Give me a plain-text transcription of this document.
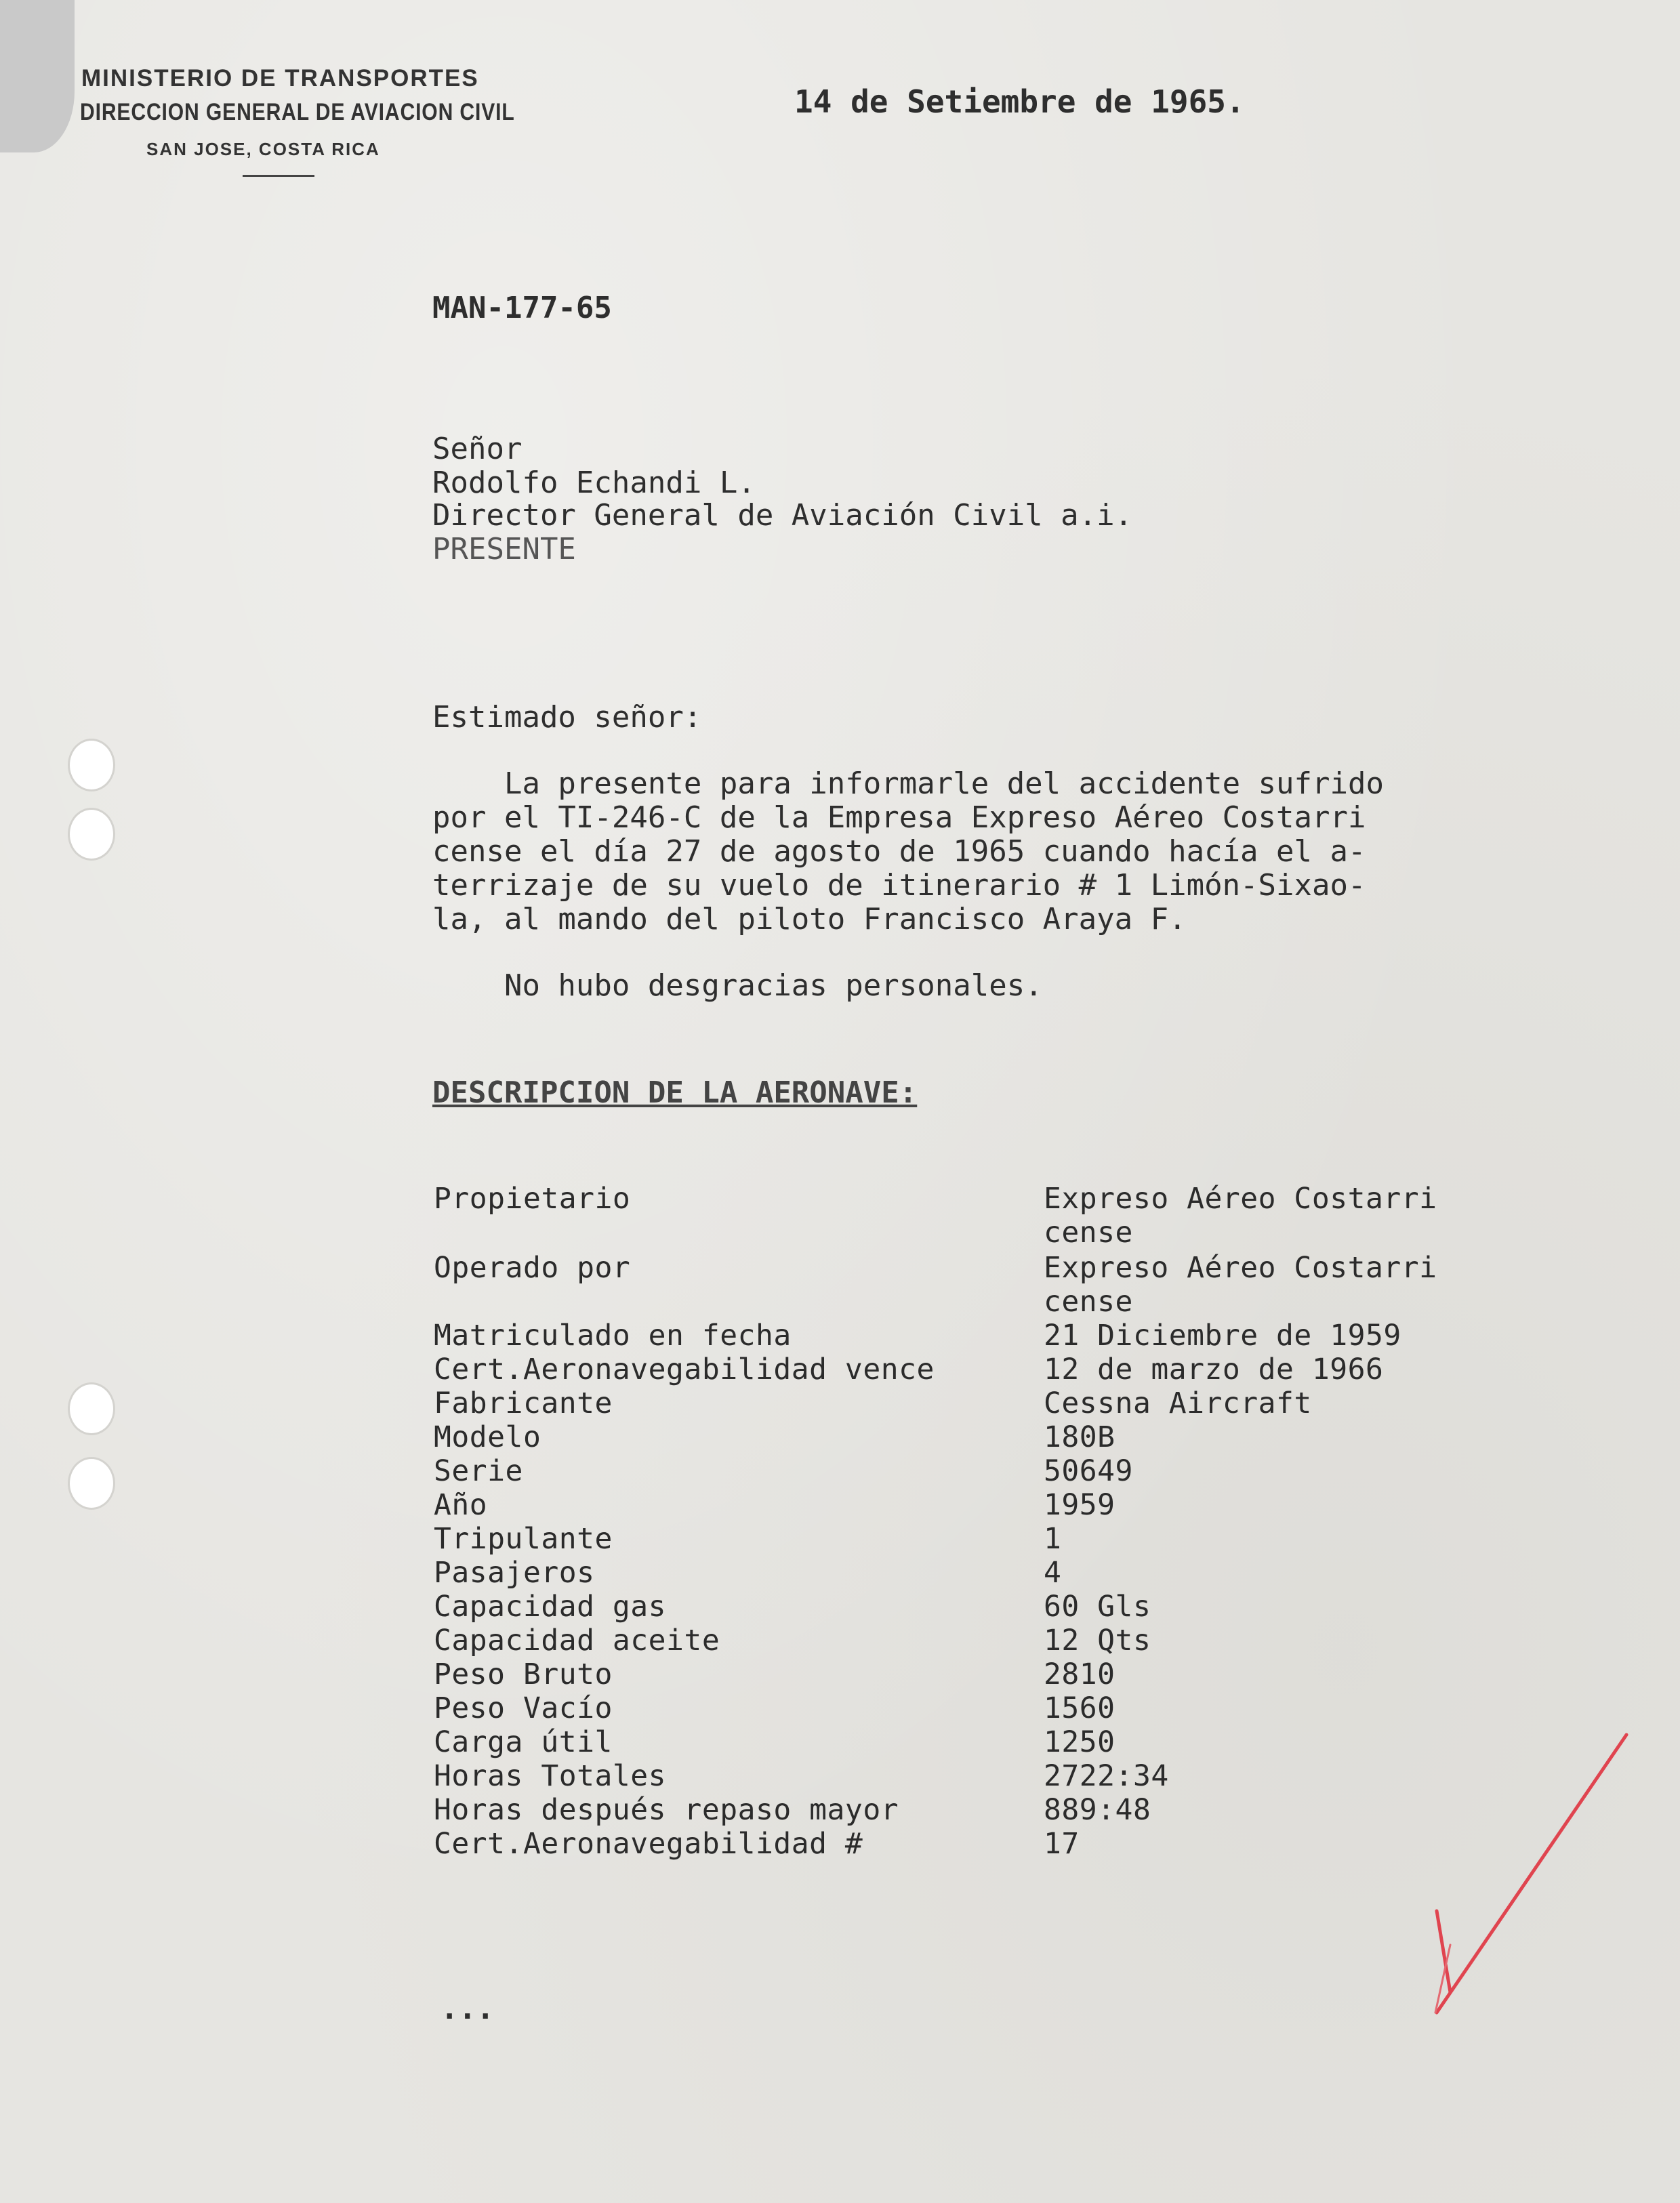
MINISTERIO DE TRANSPORTES
DIRECCION GENERAL DE AVIACION CIVIL
SAN JOSE, COSTA RICA
14 de Setiembre de 1965.
MAN-177-65
Señor
Rodolfo Echandi L.
Director General de Aviación Civil a.i.
PRESENTE
Estimado señor:
La presente para informarle del accidente sufrido
por el TI-246-C de la Empresa Expreso Aéreo Costarri
cense el día 27 de agosto de 1965 cuando hacía el a-
terrizaje de su vuelo de itinerario # 1 Limón-Sixao-
la, al mando del piloto Francisco Araya F.
No hubo desgracias personales.
DESCRIPCION DE LA AERONAVE:
Propietario	Expreso Aéreo Costarri
cense
Operado por	Expreso Aéreo Costarri
cense
Matriculado en fecha	21 Diciembre de 1959
Cert.Aeronavegabilidad vence	12 de marzo de 1966
Fabricante	Cessna Aircraft
Modelo	180B
Serie	50649
Año	1959
Tripulante	1
Pasajeros	4
Capacidad gas	60 Gls
Capacidad aceite	12 Qts
Peso Bruto	2810
Peso Vacío	1560
Carga útil	1250
Horas Totales	2722:34
Horas después repaso mayor	889:48
Cert.Aeronavegabilidad #	17
...
